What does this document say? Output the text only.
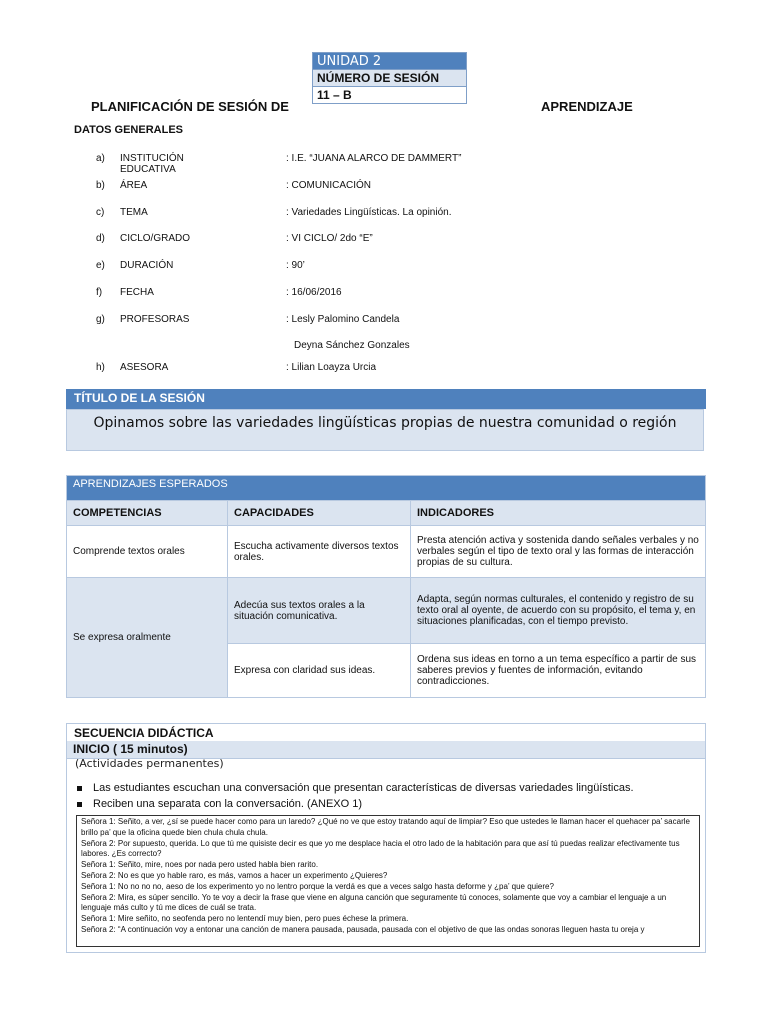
UNIDAD 2
NÚMERO DE SESIÓN
11 – B
PLANIFICACIÓN DE SESIÓN DE	APRENDIZAJE
DATOS GENERALES
a) INSTITUCIÓN EDUCATIVA
: I.E. “JUANA ALARCO DE DAMMERT”
b) ÁREA	: COMUNICACIÓN
c) TEMA	: Variedades Lingüísticas. La opinión.
d) CICLO/GRADO	: VI CICLO/ 2do “E”
e) DURACIÓN	: 90’
f) FECHA	: 16/06/2016
g) PROFESORAS	: Lesly Palomino Candela
Deyna Sánchez Gonzales
h) ASESORA	: Lilian Loayza Urcia
TÍTULO DE LA SESIÓN
Opinamos sobre las variedades lingüísticas propias de nuestra comunidad o región
APRENDIZAJES ESPERADOS		
COMPETENCIAS	CAPACIDADES	INDICADORES
Comprende textos orales	Escucha activamente diversos textos orales.	Presta atención activa y sostenida dando señales verbales y no verbales según el tipo de texto oral y las formas de interacción propias de su cultura.
Se expresa oralmente	Adecúa sus textos orales a la situación comunicativa.	Adapta, según normas culturales, el contenido y registro de su texto oral al oyente, de acuerdo con su propósito, el tema y, en situaciones planificadas, con el tiempo previsto.
	Expresa con claridad sus ideas.	Ordena sus ideas en torno a un tema específico a partir de sus saberes previos y fuentes de información, evitando contradicciones.
SECUENCIA DIDÁCTICA
INICIO ( 15 minutos)
(Actividades permanentes)
Las estudiantes escuchan una conversación que presentan características de diversas variedades lingüísticas.
Reciben una separata con la conversación. (ANEXO 1)

Señora 1: Señito, a ver, ¿sí se puede hacer como para un laredo? ¿Qué no ve que estoy tratando aquí de limpiar? Eso que ustedes le llaman hacer el quehacer pa’ sacarle brillo pa’ que la oficina quede bien chula chula chula.

Señora 2: Por supuesto, querida. Lo que tú me quisiste decir es que yo me desplace hacia el otro lado de la habitación para que así tú puedas realizar efectivamente tus labores. ¿Es correcto?

Señora 1: Señito, mire, noes por nada pero usted habla bien rarito.

Señora 2: No es que yo hable raro, es más, vamos a hacer un experimento ¿Quieres?

Señora 1: No no no no, aeso de los experimento yo no lentro porque la verdá es que a veces salgo hasta deforme y ¿pa’ que quiere?

Señora 2: Mira, es súper sencillo. Yo te voy a decir la frase que viene en alguna canción que seguramente tú conoces, solamente que voy a cambiar el lenguaje a un lenguaje más culto y tú me dices de cuál se trata.

Señora 1: Mire señito, no seofenda pero no lentendí muy bien, pero pues échese la primera.

Señora 2: “A continuación voy a entonar una canción de manera pausada, pausada, pausada con el objetivo de que las ondas sonoras lleguen hasta tu oreja y
